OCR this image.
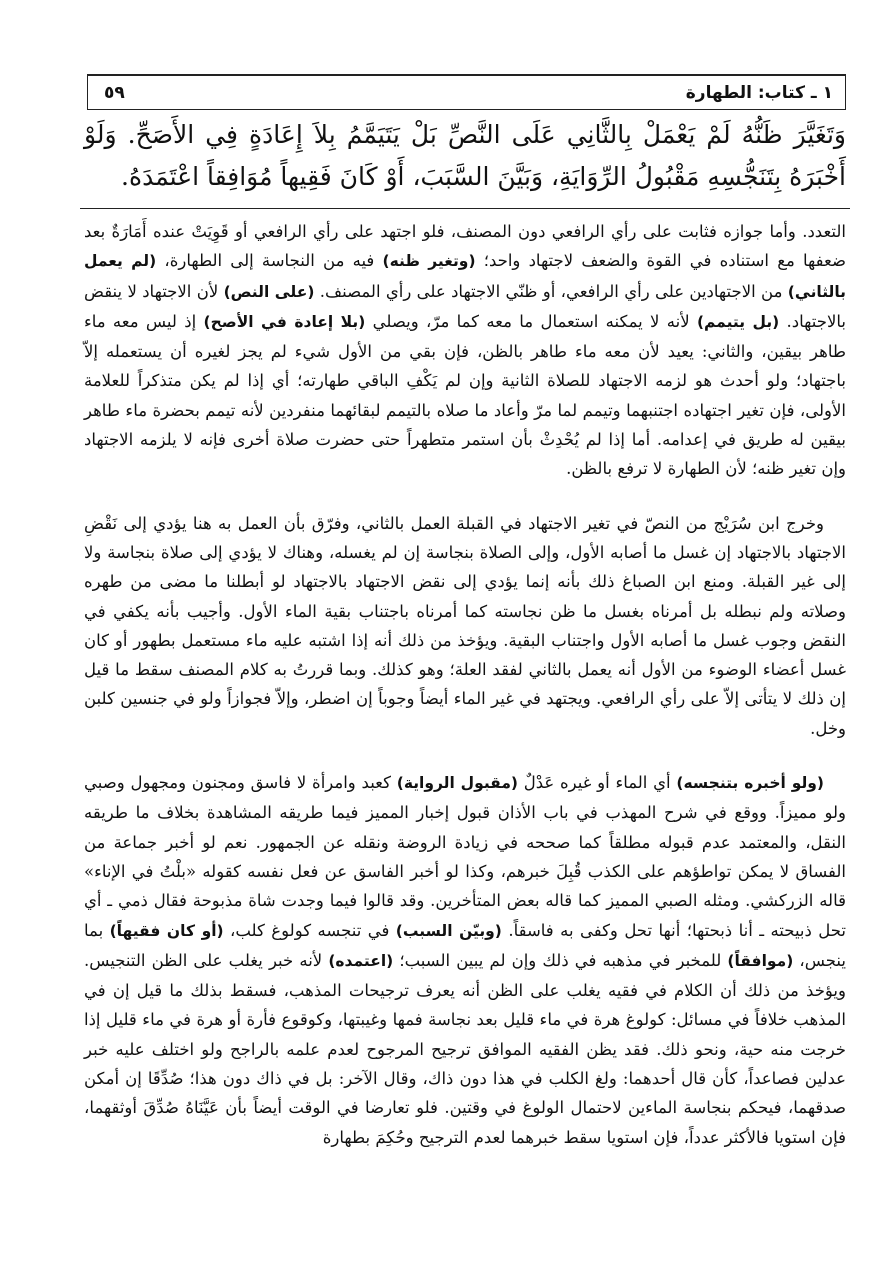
١ ـ كتاب: الطهارة
٥٩
وَتَغَيَّرَ ظَنُّهُ لَمْ يَعْمَلْ بِالثَّانِي عَلَى النَّصِّ بَلْ يَتَيَمَّمُ بِلاَ إِعَادَةٍ فِي الأَصَحِّ. وَلَوْ أَخْبَرَهُ بِتَنَجُّسِهِ مَقْبُولُ الرِّوَايَةِ، وَبَيَّنَ السَّبَبَ، أَوْ كَانَ فَقِيهاً مُوَافِقاً اعْتَمَدَهُ.

التعدد. وأما جوازه فثابت على رأي الرافعي دون المصنف، فلو اجتهد على رأي الرافعي أو قَوِيَتْ عنده أَمَارَةٌ بعد ضعفها مع استناده في القوة والضعف لاجتهاد واحد؛ (وتغير ظنه) فيه من النجاسة إلى الطهارة، (لم يعمل بالثاني) من الاجتهادين على رأي الرافعي، أو ظنّي الاجتهاد على رأي المصنف. (على النص) لأن الاجتهاد لا ينقض بالاجتهاد. (بل يتيمم) لأنه لا يمكنه استعمال ما معه كما مرّ، ويصلي (بلا إعادة في الأصح) إذ ليس معه ماء طاهر بيقين، والثاني: يعيد لأن معه ماء طاهر بالظن، فإن بقي من الأول شيء لم يجز لغيره أن يستعمله إلاّ باجتهاد؛ ولو أحدث هو لزمه الاجتهاد للصلاة الثانية وإن لم يَكْفِ الباقي طهارته؛ أي إذا لم يكن متذكراً للعلامة الأولى، فإن تغير اجتهاده اجتنبهما وتيمم لما مرّ وأعاد ما صلاه بالتيمم لبقائهما منفردين لأنه تيمم بحضرة ماء طاهر بيقين له طريق في إعدامه. أما إذا لم يُحْدِثْ بأن استمر متطهراً حتى حضرت صلاة أخرى فإنه لا يلزمه الاجتهاد وإن تغير ظنه؛ لأن الطهارة لا ترفع بالظن.

وخرج ابن سُرَيْج من النصّ في تغير الاجتهاد في القبلة العمل بالثاني، وفرّق بأن العمل به هنا يؤدي إلى نَقْضِ الاجتهاد بالاجتهاد إن غسل ما أصابه الأول، وإلى الصلاة بنجاسة إن لم يغسله، وهناك لا يؤدي إلى صلاة بنجاسة ولا إلى غير القبلة. ومنع ابن الصباغ ذلك بأنه إنما يؤدي إلى نقض الاجتهاد بالاجتهاد لو أبطلنا ما مضى من طهره وصلاته ولم نبطله بل أمرناه بغسل ما ظن نجاسته كما أمرناه باجتناب بقية الماء الأول. وأجيب بأنه يكفي في النقض وجوب غسل ما أصابه الأول واجتناب البقية. ويؤخذ من ذلك أنه إذا اشتبه عليه ماء مستعمل بطهور أو كان غسل أعضاء الوضوء من الأول أنه يعمل بالثاني لفقد العلة؛ وهو كذلك. وبما قررتُ به كلام المصنف سقط ما قيل إن ذلك لا يتأتى إلاّ على رأي الرافعي. ويجتهد في غير الماء أيضاً وجوباً إن اضطر، وإلاّ فجوازاً ولو في جنسين كلبن وخل.

(ولو أخبره بتنجسه) أي الماء أو غيره عَدْلٌ (مقبول الرواية) كعبد وامرأة لا فاسق ومجنون ومجهول وصبي ولو مميزاً. ووقع في شرح المهذب في باب الأذان قبول إخبار المميز فيما طريقه المشاهدة بخلاف ما طريقه النقل، والمعتمد عدم قبوله مطلقاً كما صححه في زيادة الروضة ونقله عن الجمهور. نعم لو أخبر جماعة من الفساق لا يمكن تواطؤهم على الكذب قُبِلَ خبرهم، وكذا لو أخبر الفاسق عن فعل نفسه كقوله «بلْتُ في الإناء» قاله الزركشي. ومثله الصبي المميز كما قاله بعض المتأخرين. وقد قالوا فيما وجدت شاة مذبوحة فقال ذمي ـ أي تحل ذبيحته ـ أنا ذبحتها؛ أنها تحل وكفى به فاسقاً. (وبيّن السبب) في تنجسه كولوغ كلب، (أو كان فقيهاً) بما ينجس، (موافقاً) للمخبر في مذهبه في ذلك وإن لم يبين السبب؛ (اعتمده) لأنه خبر يغلب على الظن التنجيس. ويؤخذ من ذلك أن الكلام في فقيه يغلب على الظن أنه يعرف ترجيحات المذهب، فسقط بذلك ما قيل إن في المذهب خلافاً في مسائل: كولوغ هرة في ماء قليل بعد نجاسة فمها وغيبتها، وكوقوع فأرة أو هرة في ماء قليل إذا خرجت منه حية، ونحو ذلك. فقد يظن الفقيه الموافق ترجيح المرجوح لعدم علمه بالراجح ولو اختلف عليه خبر عدلين فصاعداً، كأن قال أحدهما: ولغ الكلب في هذا دون ذاك، وقال الآخر: بل في ذاك دون هذا؛ صُدِّقَا إن أمكن صدقهما، فيحكم بنجاسة الماءين لاحتمال الولوغ في وقتين. فلو تعارضا في الوقت أيضاً بأن عَيَّنَاهُ صُدِّقَ أوثقهما، فإن استويا فالأكثر عدداً، فإن استويا سقط خبرهما لعدم الترجيح وحُكِمَ بطهارة
